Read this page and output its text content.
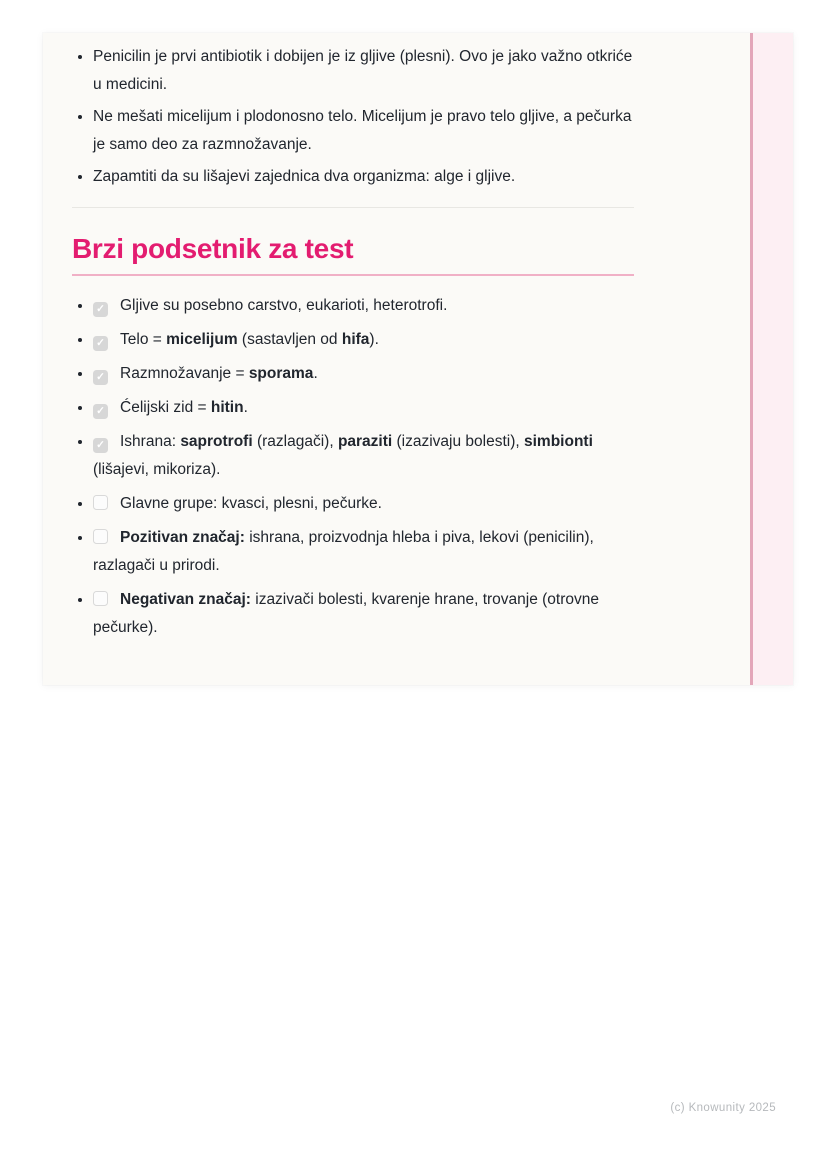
• Penicilin je prvi antibiotik i dobijen je iz gljive (plesni). Ovo je jako važno otkriće u medicini.
• Ne mešati micelijum i plodonosno telo. Micelijum je pravo telo gljive, a pečurka je samo deo za razmnožavanje.
• Zapamtiti da su lišajevi zajednica dva organizma: alge i gljive.
Brzi podsetnik za test
✓• Gljive su posebno carstvo, eukarioti, heterotrofi.
✓• Telo = micelijum (sastavljen od hifa).
✓• Razmnožavanje = sporama.
✓• Ćelijski zid = hitin.
✓• Ishrana: saprotrofi (razlagači), paraziti (izazivaju bolesti), simbionti (lišajevi, mikoriza).
• Glavne grupe: kvasci, plesni, pečurke.
• Pozitivan značaj: ishrana, proizvodnja hleba i piva, lekovi (penicilin), razlagači u prirodi.
• Negativan značaj: izazivači bolesti, kvarenje hrane, trovanje (otrovne pečurke).
(c) Knowunity 2025
